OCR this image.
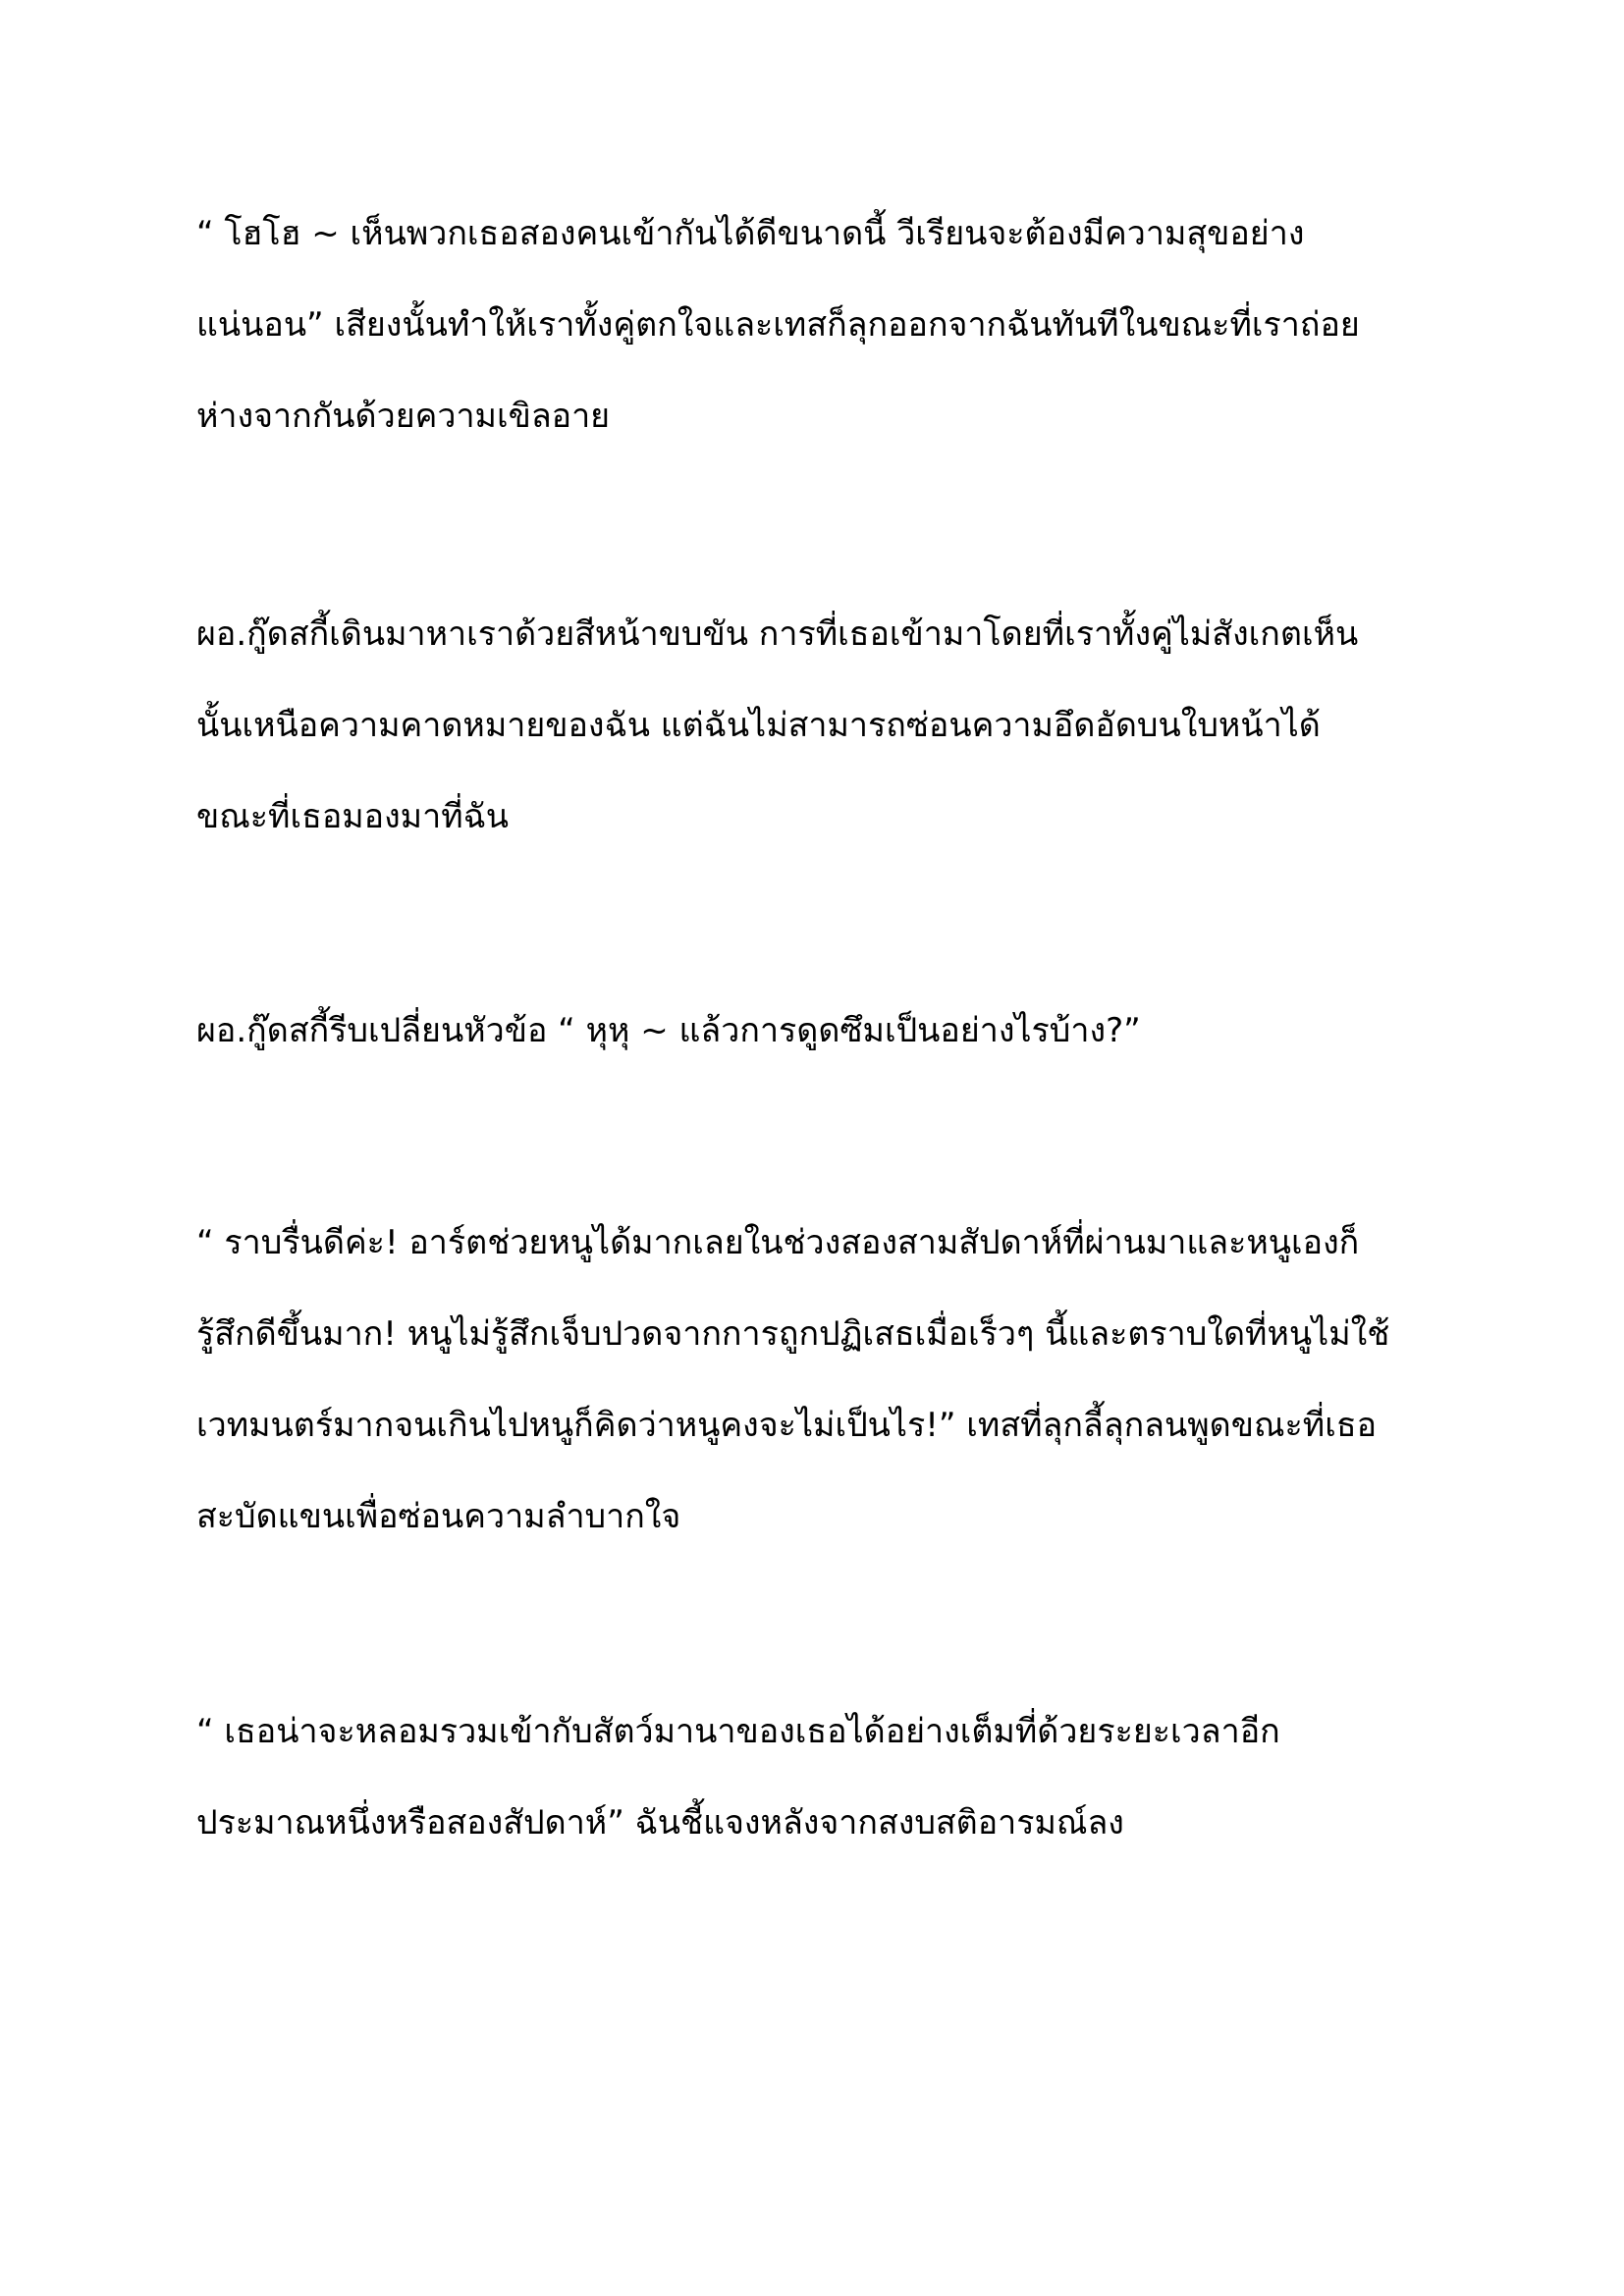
“ โฮโฮ ~ เห็นพวกเธอสองคนเข้ากันได้ดีขนาดนี้ วีเรียนจะต้องมีความสุขอย่าง
แน่นอน” เสียงนั้นทำให้เราทั้งคู่ตกใจและเทสก็ลุกออกจากฉันทันทีในขณะที่เราถ่อย
ห่างจากกันด้วยความเขิลอาย
ผอ.กู๊ดสกี้เดินมาหาเราด้วยสีหน้าขบขัน การที่เธอเข้ามาโดยที่เราทั้งคู่ไม่สังเกตเห็น
นั้นเหนือความคาดหมายของฉัน แต่ฉันไม่สามารถซ่อนความอึดอัดบนใบหน้าได้
ขณะที่เธอมองมาที่ฉัน
ผอ.กู๊ดสกี้รีบเปลี่ยนหัวข้อ “ หุหุ ~ แล้วการดูดซึมเป็นอย่างไรบ้าง?”
“ ราบรื่นดีค่ะ! อาร์ตช่วยหนูได้มากเลยในช่วงสองสามสัปดาห์ที่ผ่านมาและหนูเองก็
รู้สึกดีขึ้นมาก! หนูไม่รู้สึกเจ็บปวดจากการถูกปฏิเสธเมื่อเร็วๆ นี้และตราบใดที่หนูไม่ใช้
เวทมนตร์มากจนเกินไปหนูก็คิดว่าหนูคงจะไม่เป็นไร!” เทสที่ลุกลี้ลุกลนพูดขณะที่เธอ
สะบัดแขนเพื่อซ่อนความลำบากใจ
“ เธอน่าจะหลอมรวมเข้ากับสัตว์มานาของเธอได้อย่างเต็มที่ด้วยระยะเวลาอีก
ประมาณหนึ่งหรือสองสัปดาห์” ฉันชี้แจงหลังจากสงบสติอารมณ์ลง
